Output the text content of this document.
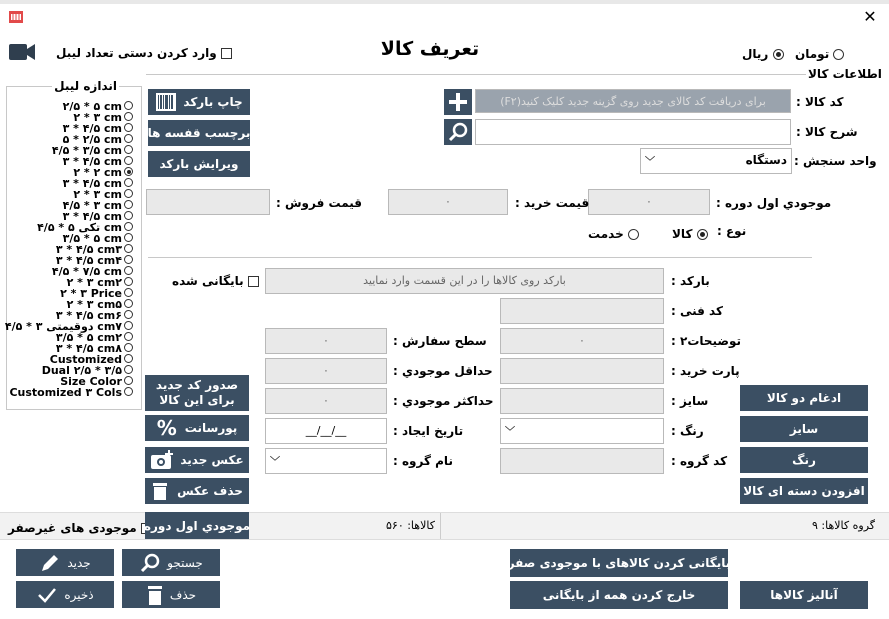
✕
تعریف کالا
وارد کردن دستی تعداد لیبل	ریال	تومان
اطلاعات کالا
اندازه لیبل
۲/۵ * ۵ cm
۲ * ۳ cm
۳ * ۴/۵ cm
۵ * ۲/۵ cm
۴/۵ * ۳/۵ cm
۳ * ۴/۵ cm
۲ * ۲ cm
۳ * ۴/۵ cm
۲ * ۳ cm
۴/۵ * ۳ cm
۳ * ۴/۵ cm
تکی ۵ * ۴/۵ cm
۳/۵ * ۵ cm
۳ * ۴/۵ cm۳
۳ * ۴/۵ cm۴
۴/۵ * ۷/۵ cm
۲ * ۳ cm۲
۲ * ۳ Price
۲ * ۳ cm۵
۳ * ۴/۵ cm۶
دوقیمتی ۳ * ۴/۵ cm۷
۳/۵ * ۵ cm۲
۳ * ۴/۵ cm۸
Customized
Dual ۲/۵ * ۳/۵
Size Color
Customized ۳ Cols
چاپ بارکد
برچسب قفسه ها
ویرایش بارکد
صدور کد جدید برای این کالا
پورسانت
%
عکس جدید
حذف عکس
کد کالا :
برای دریافت کد کالای جدید روی گزینه جدید کلیک کنید(F۲)
شرح کالا :
واحد سنجش :
﹀	دستگاه
موجودي اول دوره :
۰
قیمت خرید :
۰
قیمت فروش :
نوع :
کالا
خدمت
بارکد :
بارکد روی کالاها را در این قسمت وارد نمایید
بایگانی شده
کد فنی :
توضیحات۲ :
۰
سطح سفارش :
۰
پارت خرید :
حداقل موجودي :
۰
سایز :
حداکثر موجودي :
۰
رنگ :
﹀
تاریخ ایجاد :
__/__/__
کد گروه :
نام گروه :
﹀
ادغام دو کالا
سایز
رنگ
افزودن دسته ای کالا
موجودی های غیرصفر موجودي اول دوره	کالاها: ۵۶۰	گروه کالاها: ۹
جدید	جستجو
ذخیره	حذف
بایگانی کردن کالاهای با موجودی صفر
خارج کردن همه از بایگانی	آنالیز کالاها
